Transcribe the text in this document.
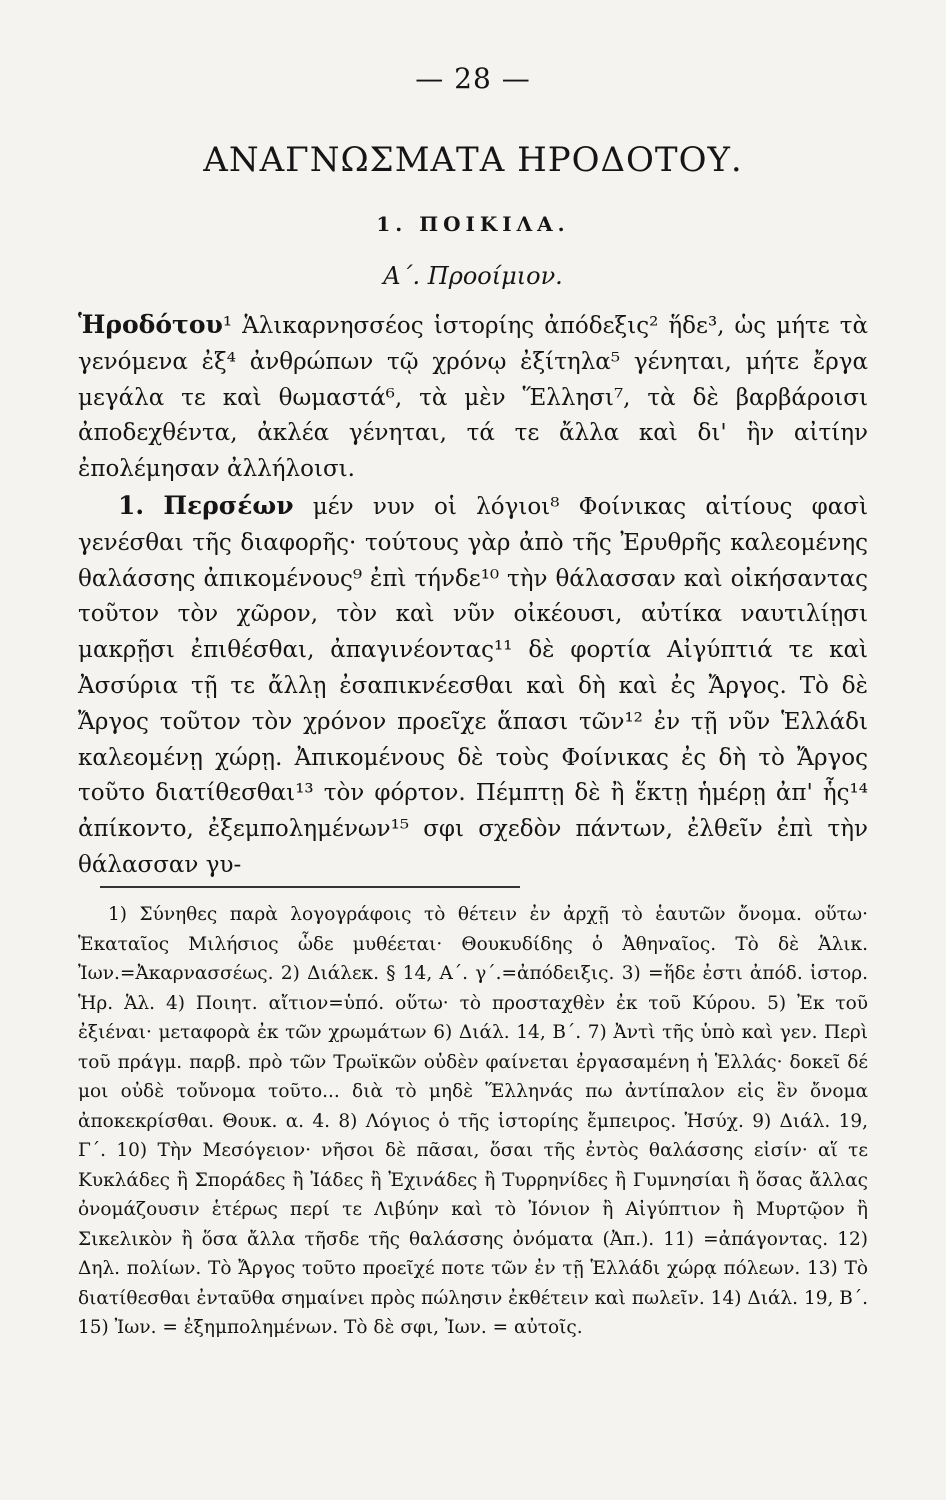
— 28 —
ΑΝΑΓΝΩΣΜΑΤΑ ΗΡΟΔΟΤΟΥ.
1. ΠΟΙΚΙΛΑ.
Α΄. Προοίμιον.

Ἡροδότου¹ Ἁλικαρνησσέος ἱστορίης ἀπόδεξις² ἥδε³, ὡς μήτε τὰ γενόμενα ἐξ⁴ ἀνθρώπων τῷ χρόνῳ ἐξίτηλα⁵ γένηται, μήτε ἔργα μεγάλα τε καὶ θωμαστά⁶, τὰ μὲν Ἕλλησι⁷, τὰ δὲ βαρβάροισι ἀποδεχθέντα, ἀκλέα γένηται, τά τε ἄλλα καὶ δι' ἣν αἰτίην ἐπολέμησαν ἀλλήλοισι.

1. Περσέων μέν νυν οἱ λόγιοι⁸ Φοίνικας αἰτίους φασὶ γενέσθαι τῆς διαφορῆς· τούτους γὰρ ἀπὸ τῆς Ἐρυθρῆς καλεομένης θαλάσσης ἀπικομένους⁹ ἐπὶ τήνδε¹⁰ τὴν θάλασσαν καὶ οἰκήσαντας τοῦτον τὸν χῶρον, τὸν καὶ νῦν οἰκέουσι, αὐτίκα ναυτιλίῃσι μακρῇσι ἐπιθέσθαι, ἀπαγινέοντας¹¹ δὲ φορτία Αἰγύπτιά τε καὶ Ἀσσύρια τῇ τε ἄλλῃ ἐσαπικνέεσθαι καὶ δὴ καὶ ἐς Ἄργος. Τὸ δὲ Ἄργος τοῦτον τὸν χρόνον προεῖχε ἅπασι τῶν¹² ἐν τῇ νῦν Ἑλλάδι καλεομένῃ χώρῃ. Ἀπικομένους δὲ τοὺς Φοίνικας ἐς δὴ τὸ Ἄργος τοῦτο διατίθεσθαι¹³ τὸν φόρτον. Πέμπτῃ δὲ ἢ ἕκτῃ ἡμέρῃ ἀπ' ἧς¹⁴ ἀπίκοντο, ἐξεμπολημένων¹⁵ σφι σχεδὸν πάντων, ἐλθεῖν ἐπὶ τὴν θάλασσαν γυ-

1) Σύνηθες παρὰ λογογράφοις τὸ θέτειν ἐν ἀρχῇ τὸ ἑαυτῶν ὄνομα. οὕτω· Ἑκαταῖος Μιλήσιος ὧδε μυθέεται· Θουκυδίδης ὁ Ἀθηναῖος. Τὸ δὲ Ἁλικ. Ἰων.=Ἀκαρνασσέως. 2) Διάλεκ. § 14, Α΄. γ΄.=ἀπόδειξις. 3) =ἥδε ἐστι ἀπόδ. ἱστορ. Ἡρ. Ἁλ. 4) Ποιητ. αἴτιον=ὑπό. οὕτω· τὸ προσταχθὲν ἐκ τοῦ Κύρου. 5) Ἐκ τοῦ ἐξιέναι· μεταφορὰ ἐκ τῶν χρωμάτων 6) Διάλ. 14, Β΄. 7) Ἀντὶ τῆς ὑπὸ καὶ γεν. Περὶ τοῦ πράγμ. παρβ. πρὸ τῶν Τρωϊκῶν οὐδὲν φαίνεται ἐργασαμένη ἡ Ἑλλάς· δοκεῖ δέ μοι οὐδὲ τοὔνομα τοῦτο... διὰ τὸ μηδὲ Ἕλληνάς πω ἀντίπαλον εἰς ἓν ὄνομα ἀποκεκρίσθαι. Θουκ. α. 4. 8) Λόγιος ὁ τῆς ἱστορίης ἔμπειρος. Ἡσύχ. 9) Διάλ. 19, Γ΄. 10) Τὴν Μεσόγειον· νῆσοι δὲ πᾶσαι, ὅσαι τῆς ἐντὸς θαλάσσης εἰσίν· αἵ τε Κυκλάδες ἢ Σποράδες ἢ Ἰάδες ἢ Ἐχινάδες ἢ Τυρρηνίδες ἢ Γυμνησίαι ἢ ὅσας ἄλλας ὀνομάζουσιν ἑτέρως περί τε Λιβύην καὶ τὸ Ἰόνιον ἢ Αἰγύπτιον ἢ Μυρτῷον ἢ Σικελικὸν ἢ ὅσα ἄλλα τῆσδε τῆς θαλάσσης ὀνόματα (Ἀπ.). 11) =ἀπάγοντας. 12) Δηλ. πολίων. Τὸ Ἄργος τοῦτο προεῖχέ ποτε τῶν ἐν τῇ Ἑλλάδι χώρᾳ πόλεων. 13) Τὸ διατίθεσθαι ἐνταῦθα σημαίνει πρὸς πώλησιν ἐκθέτειν καὶ πωλεῖν. 14) Διάλ. 19, Β΄. 15) Ἰων. = ἐξημπολημένων. Τὸ δὲ σφι, Ἰων. = αὐτοῖς.
